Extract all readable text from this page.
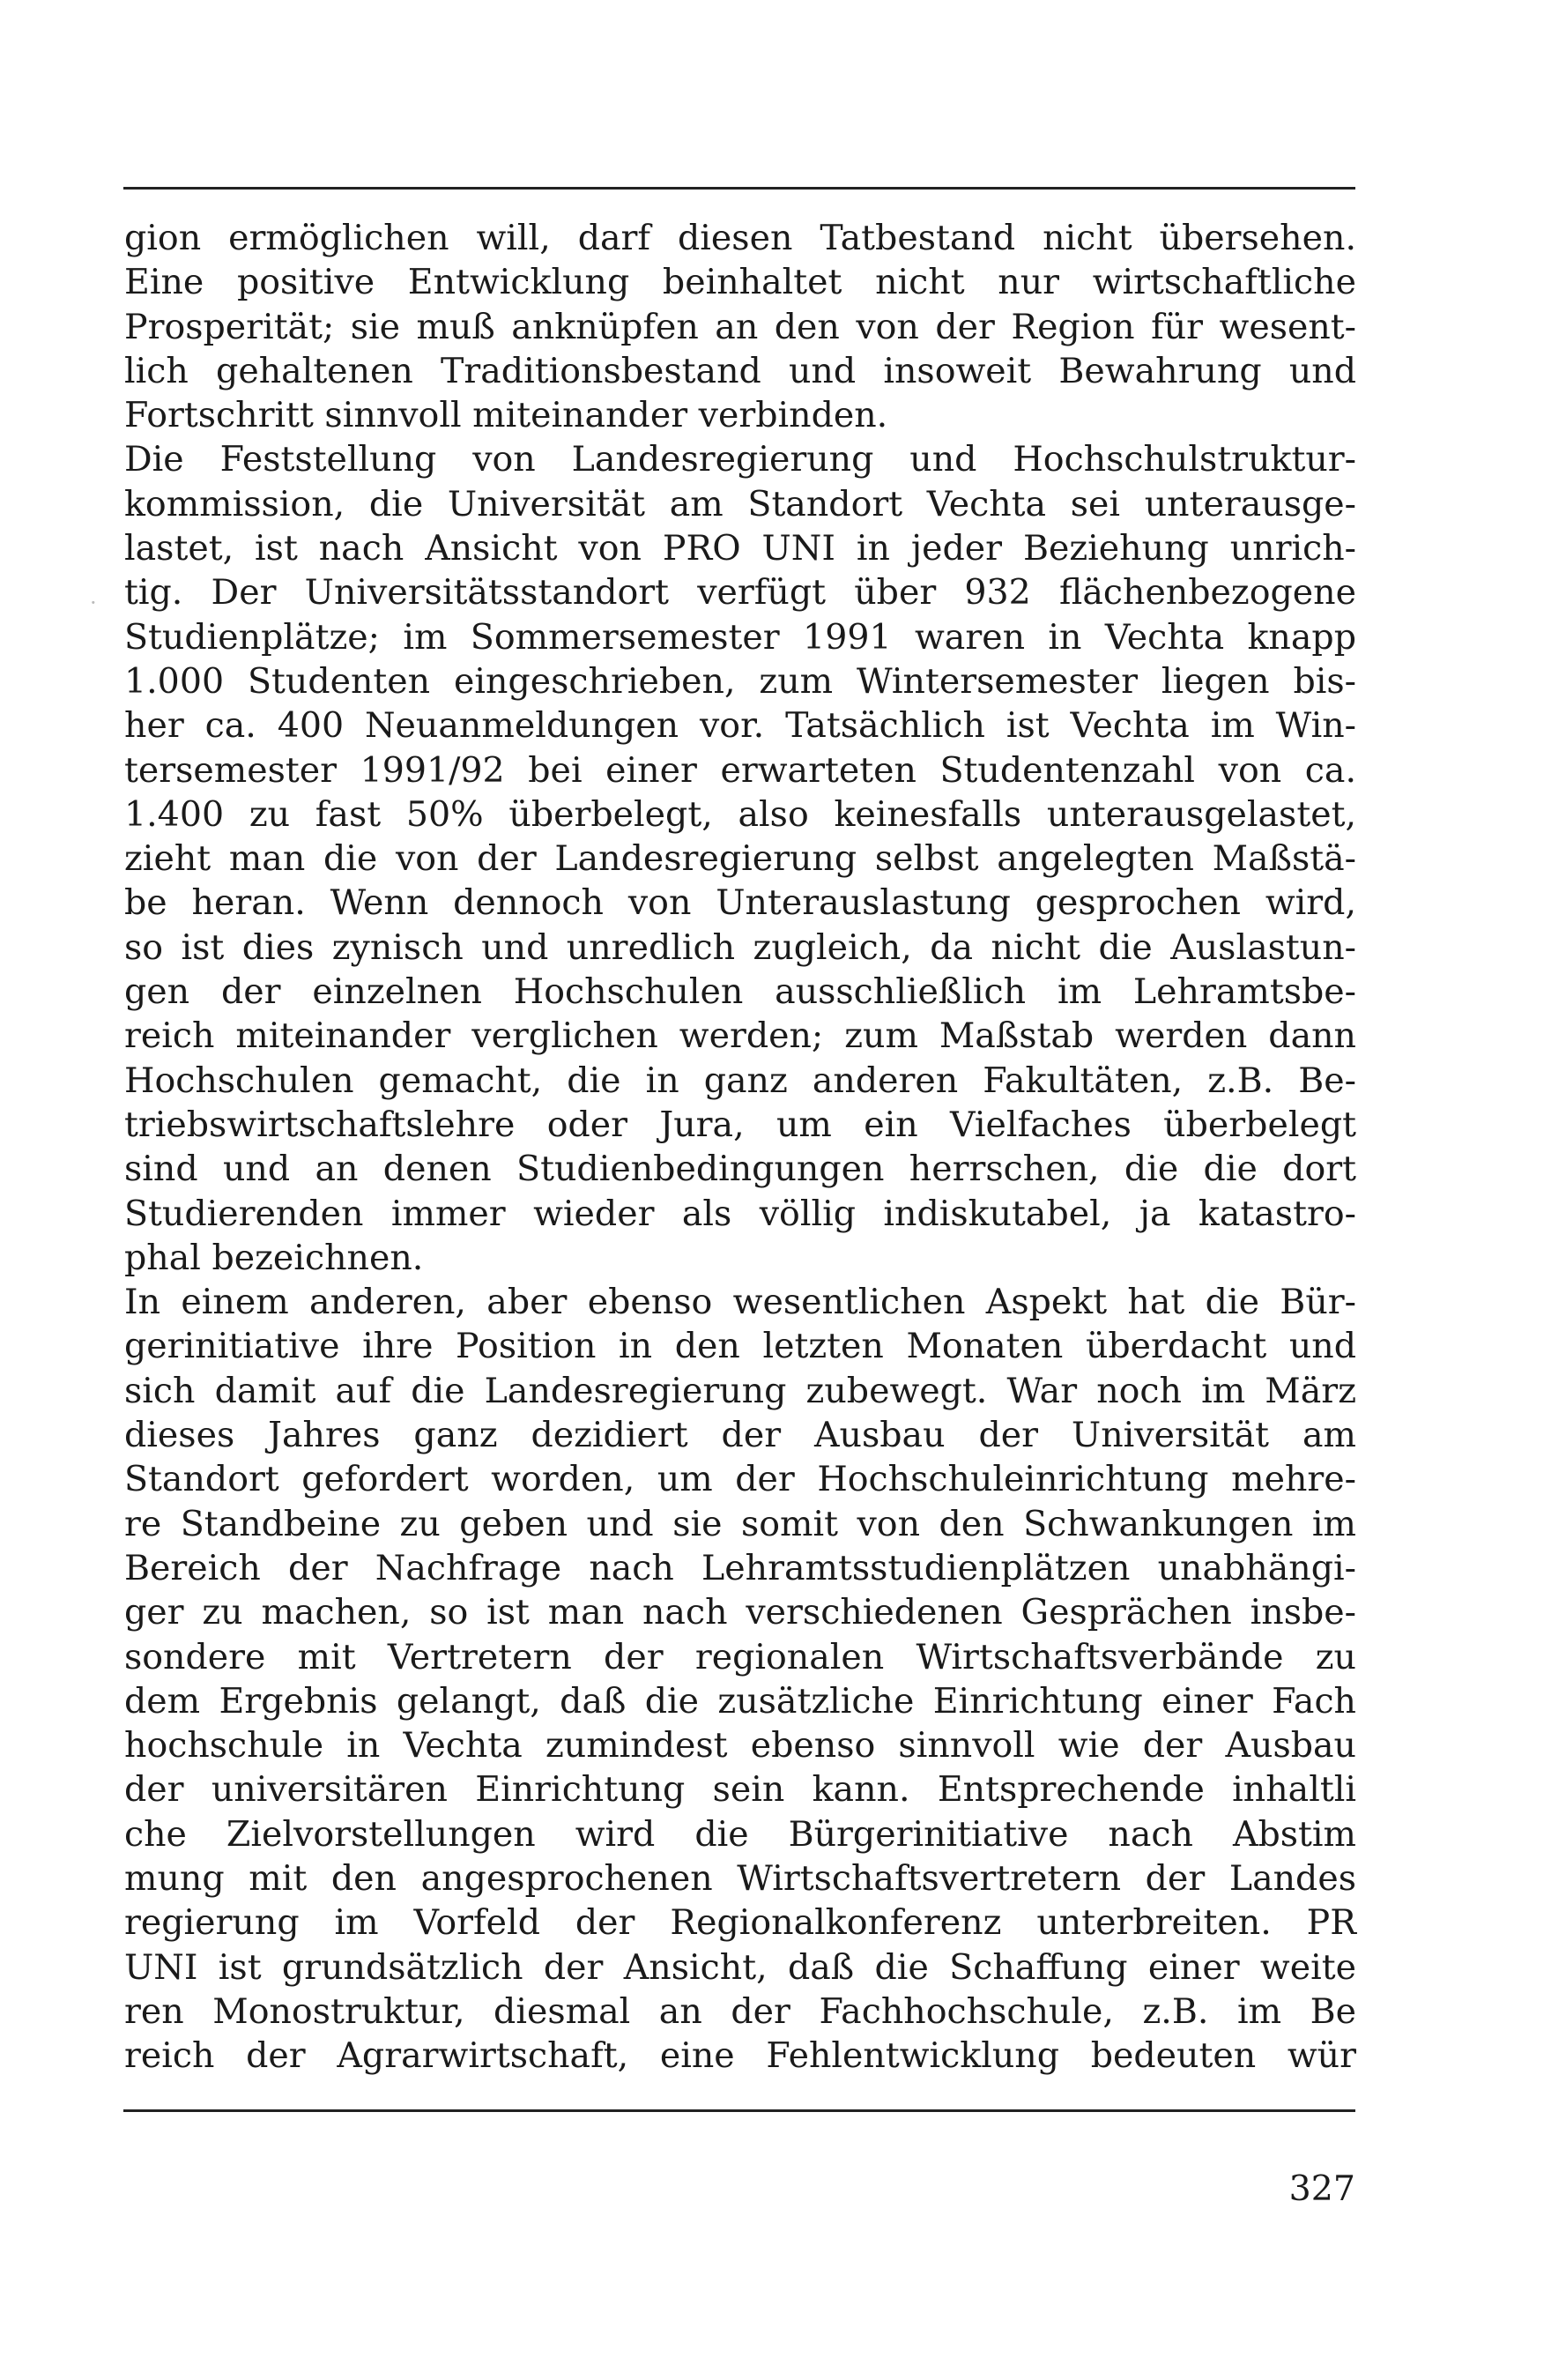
gion ermöglichen will, darf diesen Tatbestand nicht übersehen.
Eine positive Entwicklung beinhaltet nicht nur wirtschaftliche
Prosperität; sie muß anknüpfen an den von der Region für wesent-
lich gehaltenen Traditionsbestand und insoweit Bewahrung und
Fortschritt sinnvoll miteinander verbinden.
Die Feststellung von Landesregierung und Hochschulstruktur-
kommission, die Universität am Standort Vechta sei unterausge-
lastet, ist nach Ansicht von PRO UNI in jeder Beziehung unrich-
tig. Der Universitätsstandort verfügt über 932 flächenbezogene
Studienplätze; im Sommersemester 1991 waren in Vechta knapp
1.000 Studenten eingeschrieben, zum Wintersemester liegen bis-
her ca. 400 Neuanmeldungen vor. Tatsächlich ist Vechta im Win-
tersemester 1991/92 bei einer erwarteten Studentenzahl von ca.
1.400 zu fast 50% überbelegt, also keinesfalls unterausgelastet,
zieht man die von der Landesregierung selbst angelegten Maßstä-
be heran. Wenn dennoch von Unterauslastung gesprochen wird,
so ist dies zynisch und unredlich zugleich, da nicht die Auslastun-
gen der einzelnen Hochschulen ausschließlich im Lehramtsbe-
reich miteinander verglichen werden; zum Maßstab werden dann
Hochschulen gemacht, die in ganz anderen Fakultäten, z.B. Be-
triebswirtschaftslehre oder Jura, um ein Vielfaches überbelegt
sind und an denen Studienbedingungen herrschen, die die dort
Studierenden immer wieder als völlig indiskutabel, ja katastro-
phal bezeichnen.
In einem anderen, aber ebenso wesentlichen Aspekt hat die Bür-
gerinitiative ihre Position in den letzten Monaten überdacht und
sich damit auf die Landesregierung zubewegt. War noch im März
dieses Jahres ganz dezidiert der Ausbau der Universität am
Standort gefordert worden, um der Hochschuleinrichtung mehre-
re Standbeine zu geben und sie somit von den Schwankungen im
Bereich der Nachfrage nach Lehramtsstudienplätzen unabhängi-
ger zu machen, so ist man nach verschiedenen Gesprächen insbe-
sondere mit Vertretern der regionalen Wirtschaftsverbände zu
dem Ergebnis gelangt, daß die zusätzliche Einrichtung einer Fach
hochschule in Vechta zumindest ebenso sinnvoll wie der Ausbau
der universitären Einrichtung sein kann. Entsprechende inhaltli
che Zielvorstellungen wird die Bürgerinitiative nach Abstim
mung mit den angesprochenen Wirtschaftsvertretern der Landes
regierung im Vorfeld der Regionalkonferenz unterbreiten. PR
UNI ist grundsätzlich der Ansicht, daß die Schaffung einer weite
ren Monostruktur, diesmal an der Fachhochschule, z.B. im Be
reich der Agrarwirtschaft, eine Fehlentwicklung bedeuten wür
·
327
